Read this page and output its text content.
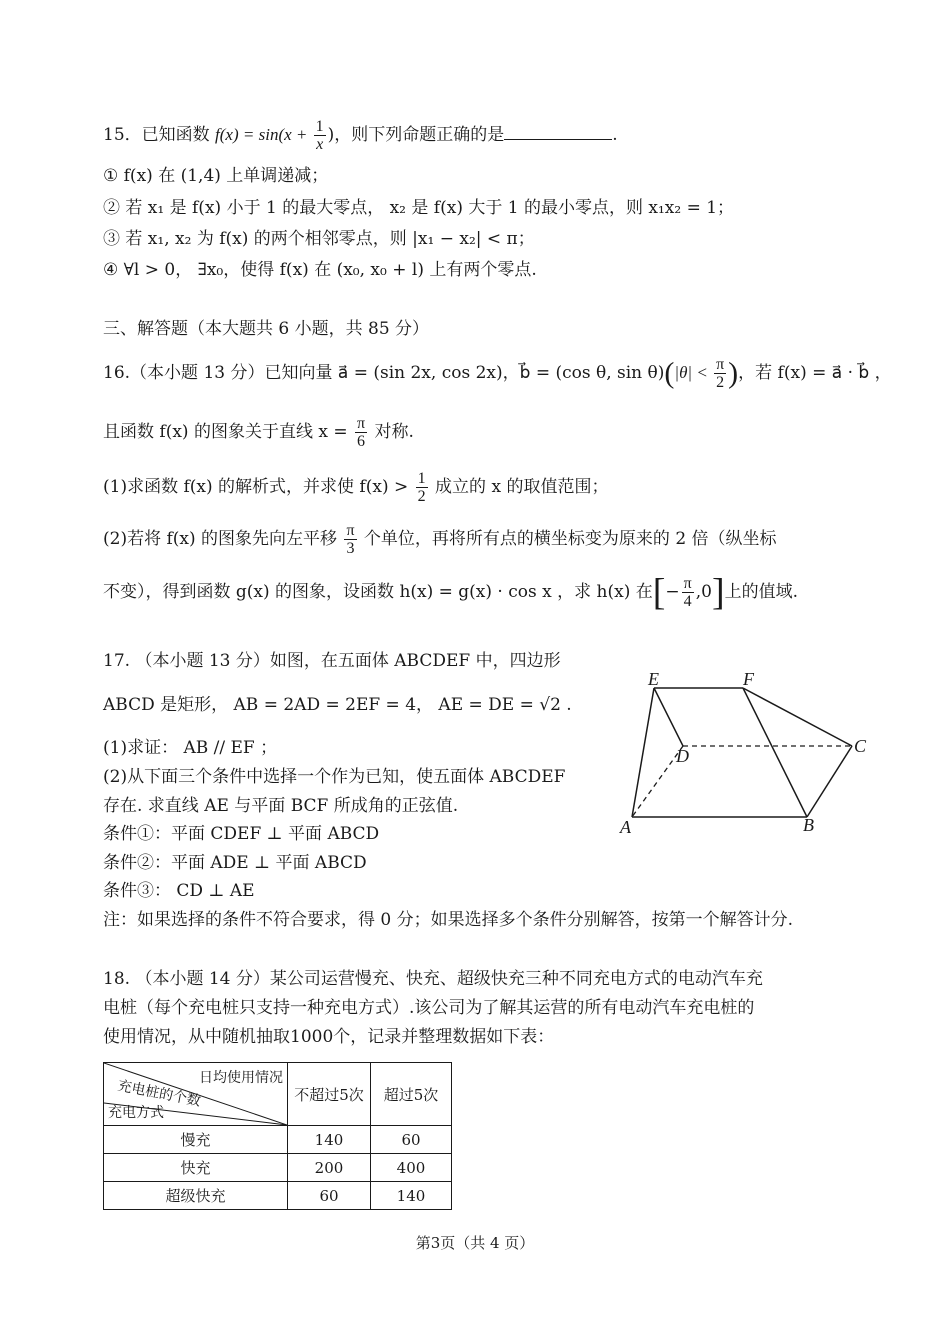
15．已知函数 $f(x) = \sin(x + \frac{1}{x}$ )，则下列命题正确的是	.
① f(x) 在 (1,4) 上单调递减；
② 若 x₁ 是 f(x) 小于 1 的最大零点， x₂ 是 f(x) 大于 1 的最小零点，则 x₁x₂ = 1；
③ 若 x₁, x₂ 为 f(x) 的两个相邻零点，则 |x₁ − x₂| < π；
④ ∀l > 0， ∃x₀，使得 f(x) 在 (x₀, x₀ + l) 上有两个零点.
三、解答题（本大题共 6 小题，共 85 分）
16.（本小题 13 分）已知向量 a⃗ = (sin 2x, cos 2x)，b⃗ = (cos θ, $\sin \theta)(|\theta| < \frac{\pi}{2}$ )，若 f(x) = a⃗ · b⃗ ，
且函数 f(x) 的图象关于直线 $x = \frac{\pi}{6}$ 对称.
(1)求函数 f(x) 的解析式，并求使 $f(x) > \frac{1}{2}$ 成立的 x 的取值范围；
(2)若将 f(x) 的图象先向左平移 $\frac{\pi}{3}$ 个单位，再将所有点的横坐标变为原来的 2 倍（纵坐标
不变），得到函数 g(x) 的图象，设函数 h(x) = g(x) · cos x ，求 h(x) 在[− $\frac{\pi}{4} ,0$]上的值域.
17. （本小题 13 分）如图，在五面体 ABCDEF 中，四边形
ABCD 是矩形， AB = 2AD = 2EF = 4， AE = DE = √2 .
(1)求证： AB // EF ；
(2)从下面三个条件中选择一个作为已知，使五面体 ABCDEF
存在. 求直线 AE 与平面 BCF 所成角的正弦值.
条件①：平面 CDEF ⊥ 平面 ABCD
条件②：平面 ADE ⊥ 平面 ABCD
条件③： CD ⊥ AE
注：如果选择的条件不符合要求，得 0 分；如果选择多个条件分别解答，按第一个解答计分.
E	F
D	C
A	B
18. （本小题 14 分）某公司运营慢充、快充、超级快充三种不同充电方式的电动汽车充
电桩（每个充电桩只支持一种充电方式）.该公司为了解其运营的所有电动汽车充电桩的
使用情况，从中随机抽取1000个，记录并整理数据如下表：
日均使用情况
充电桩的个数
充电方式	不超过5次	超过5次
慢充	140	60
快充	200	400
超级快充	60	140
第3页（共 4 页）
